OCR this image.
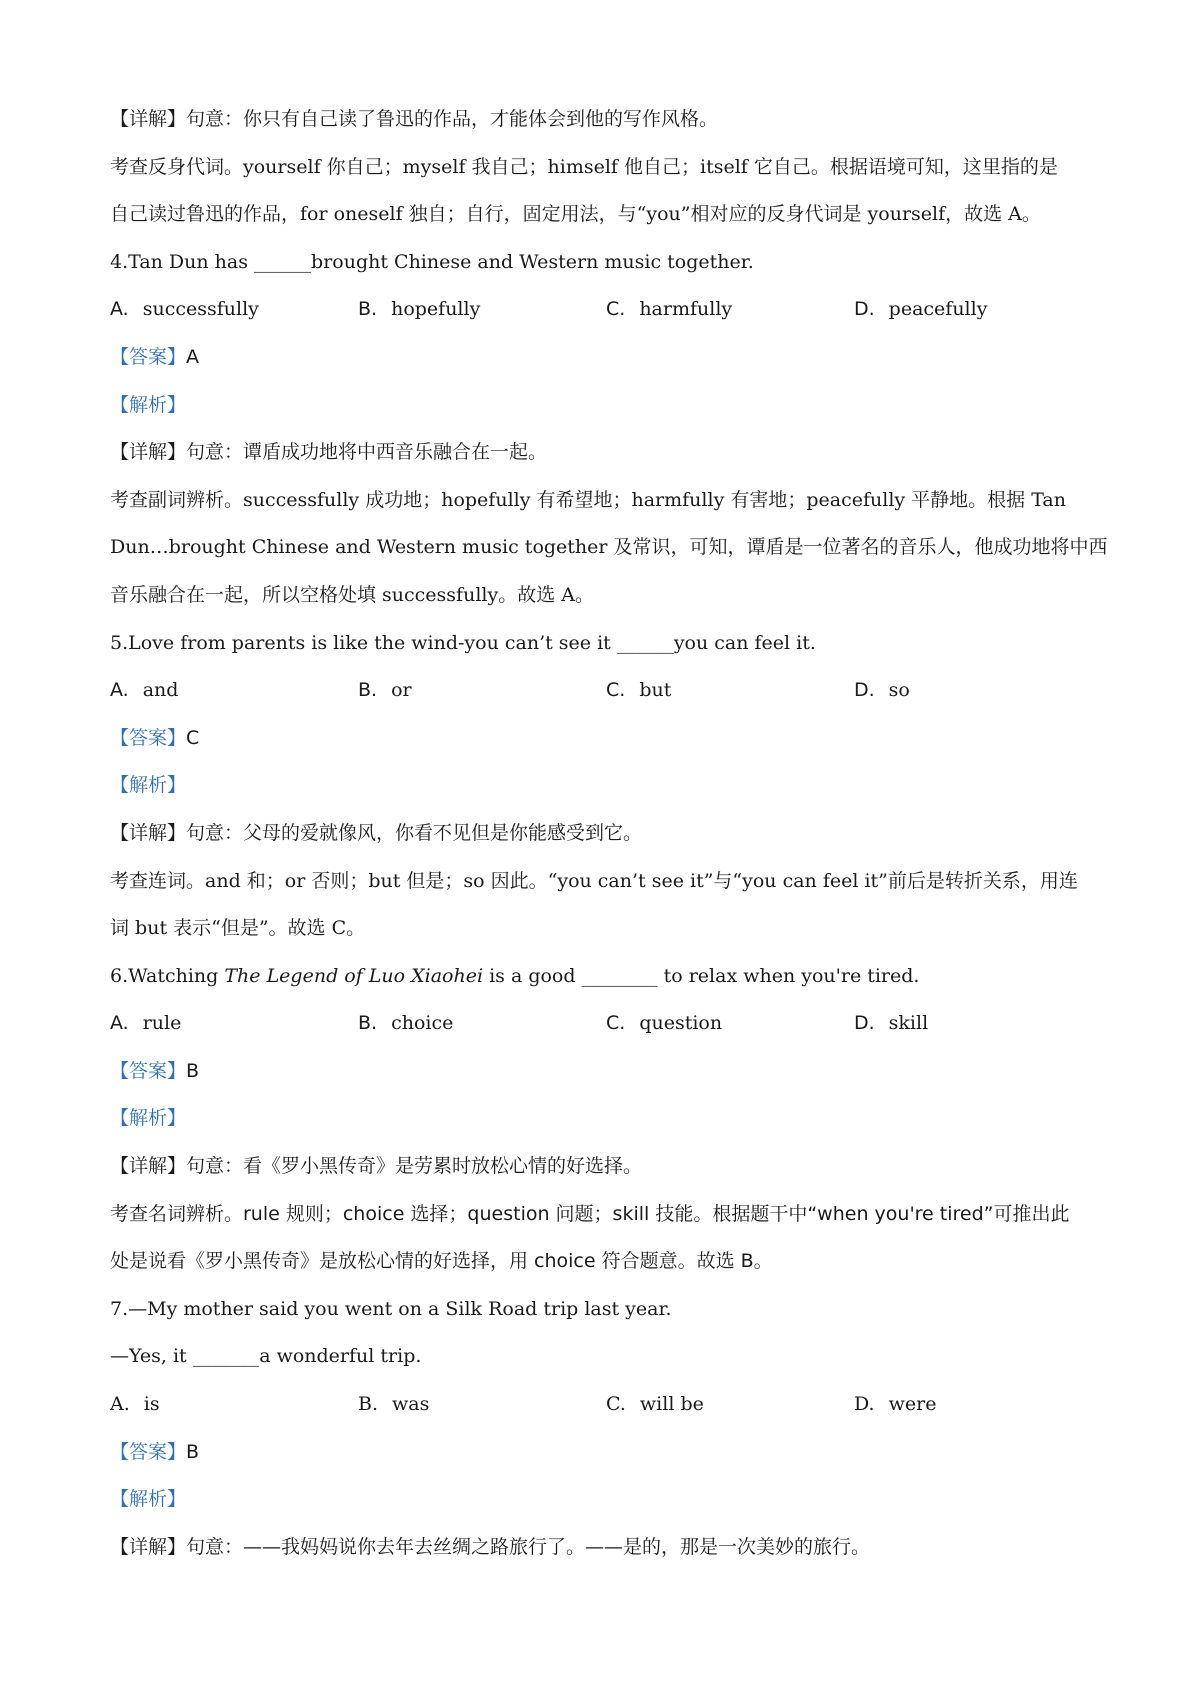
【详解】句意：你只有自己读了鲁迅的作品，才能体会到他的写作风格。
考查反身代词。yourself 你自己；myself 我自己；himself 他自己；itself 它自己。根据语境可知，这里指的是
自己读过鲁迅的作品，for oneself 独自；自行，固定用法，与“you”相对应的反身代词是 yourself，故选 A。
4.Tan Dun has ______brought Chinese and Western music together.
A. successfully	B. hopefully	C. harmfully	D. peacefully
【答案】A
【解析】
【详解】句意：谭盾成功地将中西音乐融合在一起。
考查副词辨析。successfully 成功地；hopefully 有希望地；harmfully 有害地；peacefully 平静地。根据 Tan
Dun…brought Chinese and Western music together 及常识，可知，谭盾是一位著名的音乐人，他成功地将中西
音乐融合在一起，所以空格处填 successfully。故选 A。
5.Love from parents is like the wind-you can’t see it ______you can feel it.
A. and	B. or	C. but	D. so
【答案】C
【解析】
【详解】句意：父母的爱就像风，你看不见但是你能感受到它。
考查连词。and 和；or 否则；but 但是；so 因此。“you can’t see it”与“you can feel it”前后是转折关系，用连
词 but 表示“但是”。故选 C。
6.Watching The Legend of Luo Xiaohei is a good ________ to relax when you're tired.
A. rule	B. choice	C. question	D. skill
【答案】B
【解析】
【详解】句意：看《罗小黑传奇》是劳累时放松心情的好选择。
考查名词辨析。rule 规则；choice 选择；question 问题；skill 技能。根据题干中“when you're tired”可推出此
处是说看《罗小黑传奇》是放松心情的好选择，用 choice 符合题意。故选 B。
7.—My mother said you went on a Silk Road trip last year.
—Yes, it _______a wonderful trip.
A. is	B. was	C. will be	D. were
【答案】B
【解析】
【详解】句意：——我妈妈说你去年去丝绸之路旅行了。——是的，那是一次美妙的旅行。
